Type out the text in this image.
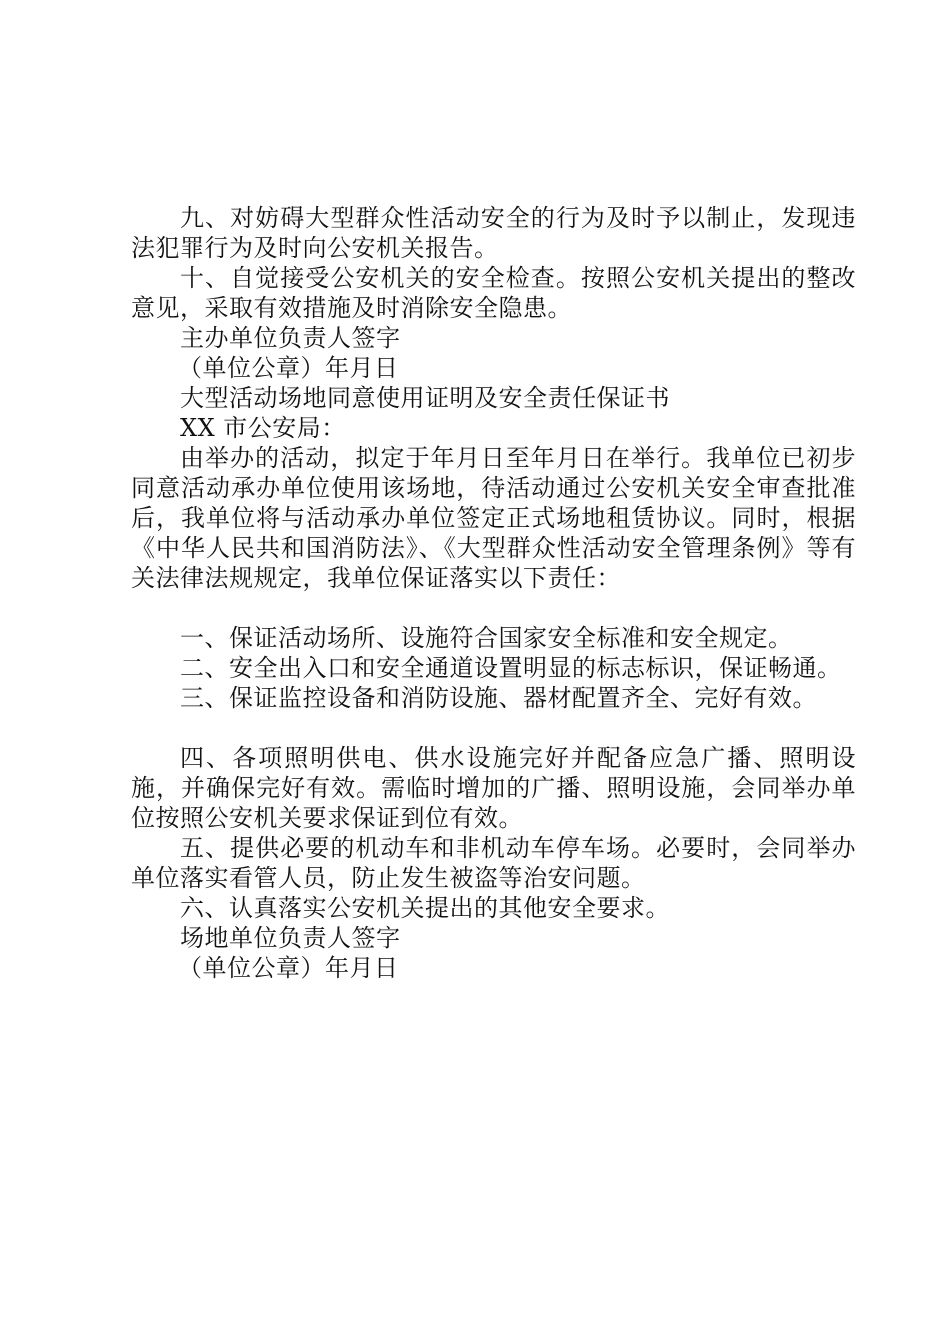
九、对妨碍大型群众性活动安全的行为及时予以制止，发现违法犯罪行为及时向公安机关报告。

十、自觉接受公安机关的安全检查。按照公安机关提出的整改意见，采取有效措施及时消除安全隐患。

主办单位负责人签字

（单位公章）年月日

大型活动场地同意使用证明及安全责任保证书

XX 市公安局：

由举办的活动，拟定于年月日至年月日在举行。我单位已初步同意活动承办单位使用该场地，待活动通过公安机关安全审查批准后，我单位将与活动承办单位签定正式场地租赁协议。同时，根据《中华人民共和国消防法》、《大型群众性活动安全管理条例》等有关法律法规规定，我单位保证落实以下责任：

一、保证活动场所、设施符合国家安全标准和安全规定。

二、安全出入口和安全通道设置明显的标志标识，保证畅通。

三、保证监控设备和消防设施、器材配置齐全、完好有效。

四、各项照明供电、供水设施完好并配备应急广播、照明设施，并确保完好有效。需临时增加的广播、照明设施，会同举办单位按照公安机关要求保证到位有效。

五、提供必要的机动车和非机动车停车场。必要时，会同举办单位落实看管人员，防止发生被盗等治安问题。

六、认真落实公安机关提出的其他安全要求。

场地单位负责人签字

（单位公章）年月日
